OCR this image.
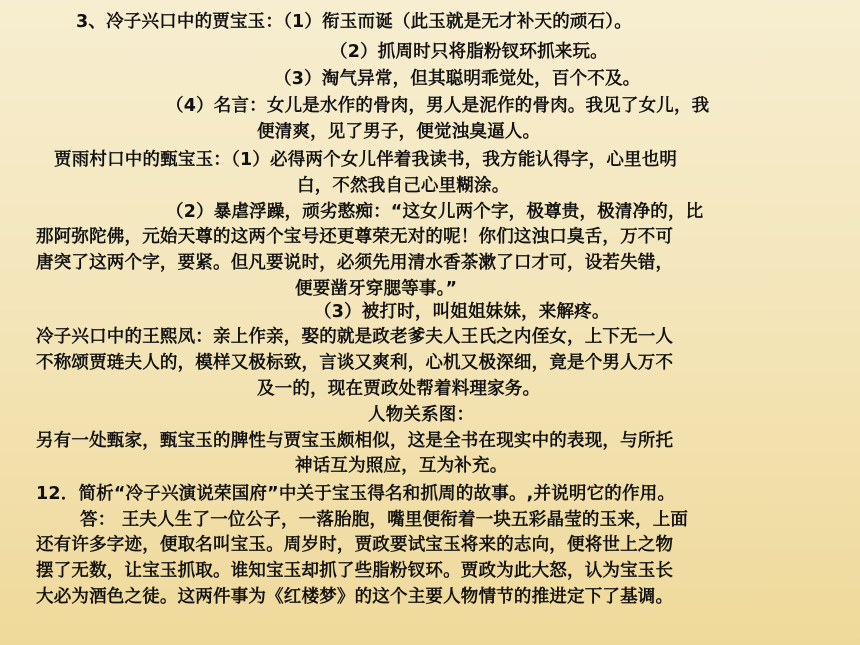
3、冷子兴口中的贾宝玉：（1）衔玉而诞（此玉就是无才补天的顽石）。
（2）抓周时只将脂粉钗环抓来玩。
（3）淘气异常，但其聪明乖觉处，百个不及。
（4）名言：女儿是水作的骨肉，男人是泥作的骨肉。我见了女儿，我
便清爽，见了男子，便觉浊臭逼人。
贾雨村口中的甄宝玉：（1）必得两个女儿伴着我读书，我方能认得字，心里也明
白，不然我自己心里糊涂。
（2）暴虐浮躁，顽劣憨痴：“这女儿两个字，极尊贵，极清净的，比
那阿弥陀佛，元始天尊的这两个宝号还更尊荣无对的呢！你们这浊口臭舌，万不可
唐突了这两个字，要紧。但凡要说时，必须先用清水香茶漱了口才可，设若失错，
便要凿牙穿腮等事。”
（3）被打时，叫姐姐妹妹，来解疼。
冷子兴口中的王熙凤：亲上作亲，娶的就是政老爹夫人王氏之内侄女，上下无一人
不称颂贾琏夫人的，模样又极标致，言谈又爽利，心机又极深细，竟是个男人万不
及一的，现在贾政处帮着料理家务。
人物关系图：
另有一处甄家，甄宝玉的脾性与贾宝玉颇相似，这是全书在现实中的表现，与所托
神话互为照应，互为补充。
12．简析“冷子兴演说荣国府”中关于宝玉得名和抓周的故事。,并说明它的作用。
答： 王夫人生了一位公子，一落胎胞，嘴里便衔着一块五彩晶莹的玉来，上面
还有许多字迹，便取名叫宝玉。周岁时，贾政要试宝玉将来的志向，便将世上之物
摆了无数，让宝玉抓取。谁知宝玉却抓了些脂粉钗环。贾政为此大怒，认为宝玉长
大必为酒色之徒。这两件事为《红楼梦》的这个主要人物情节的推进定下了基调。
